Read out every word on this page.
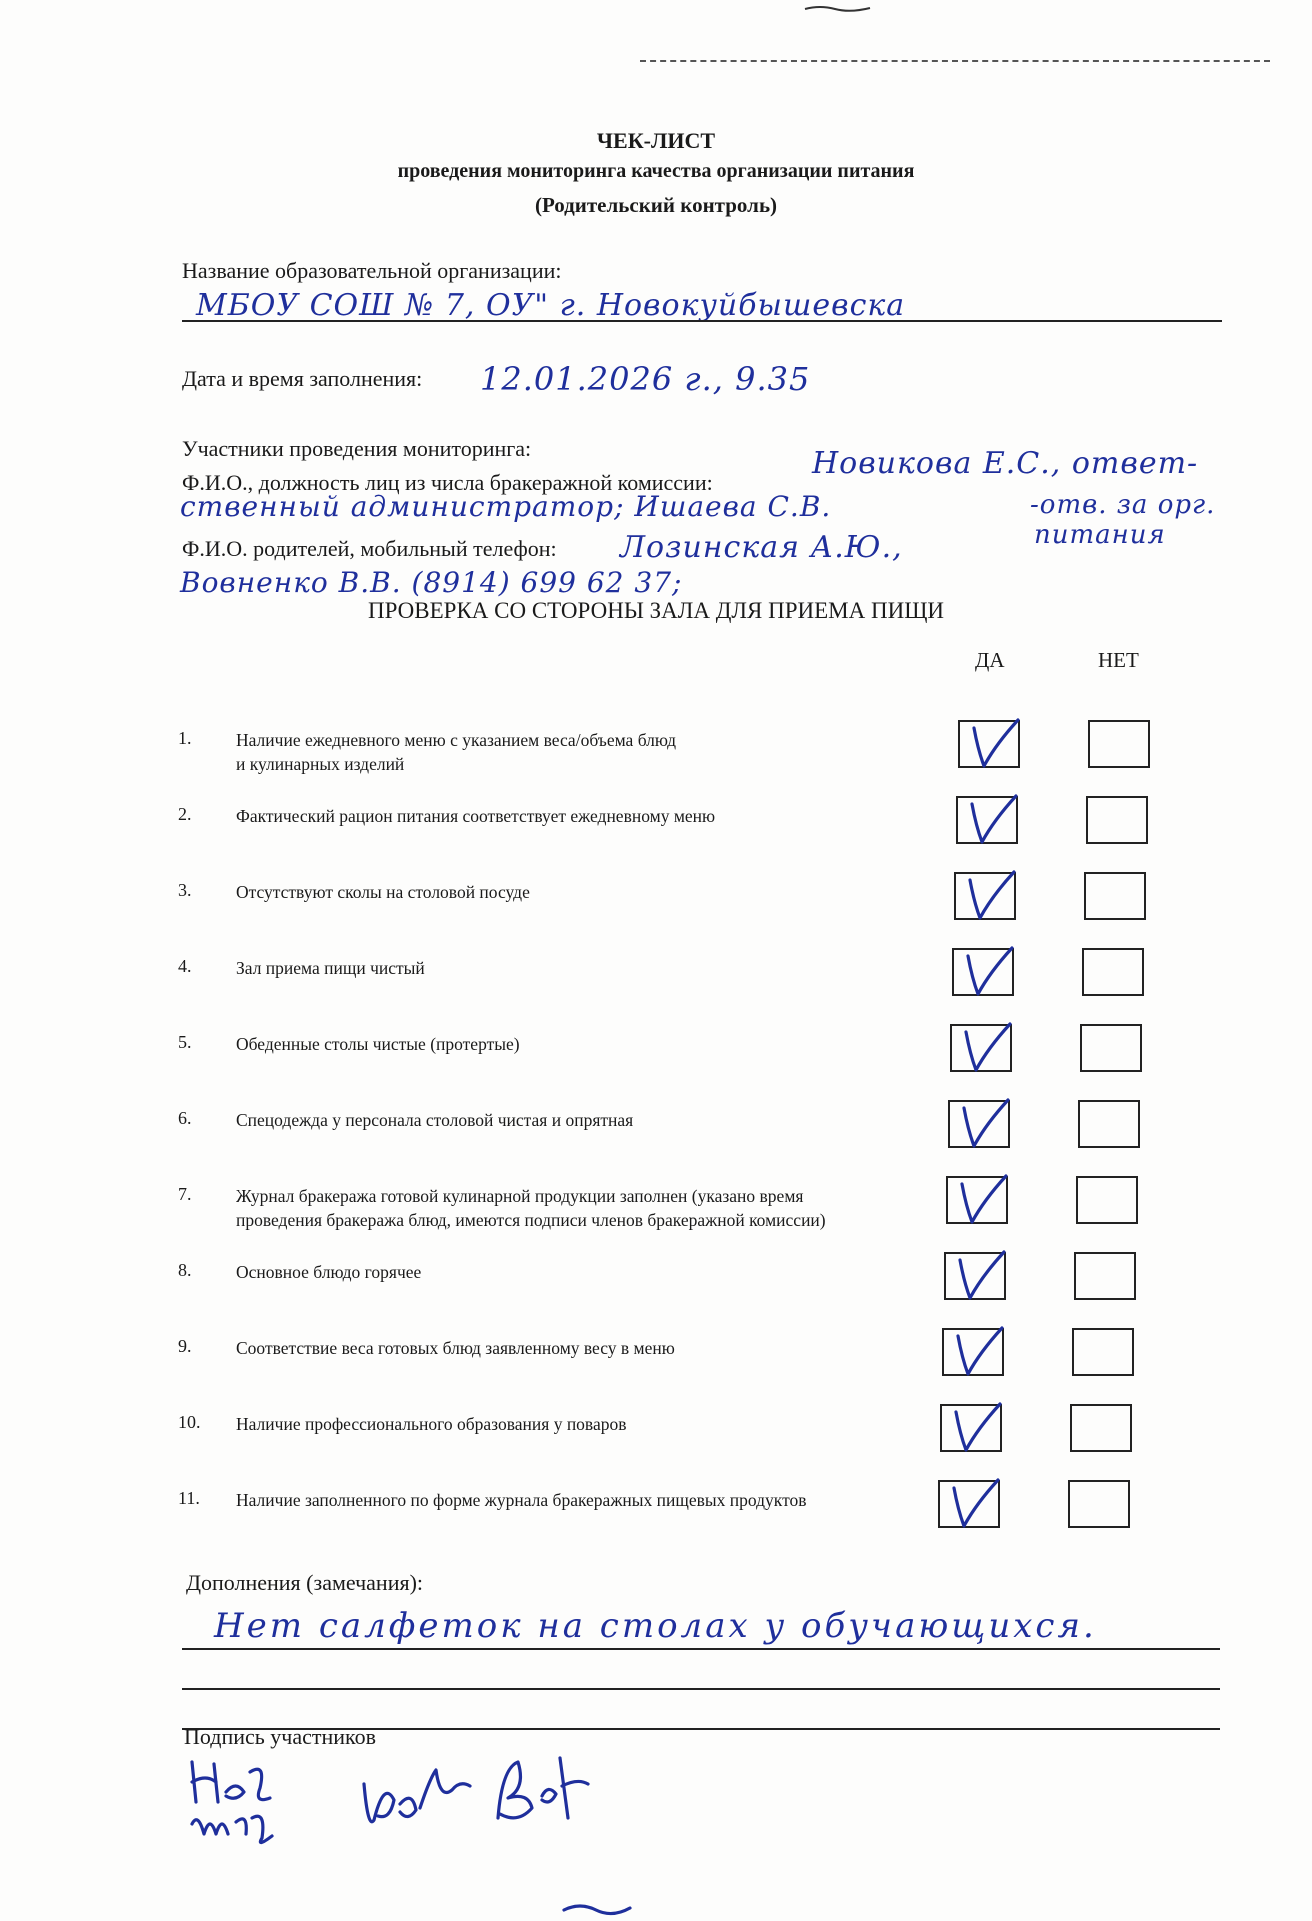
ЧЕК-ЛИСТ
проведения мониторинга качества организации питания
(Родительский контроль)
Название образовательной организации:
МБОУ СОШ № 7, ОУ" г. Новокуйбышевска
Дата и время заполнения: 12.01.2026 г., 9.35
Участники проведения мониторинга:
Ф.И.О., должность лиц из числа бракеражной комиссии:
Новикова Е.С., ответ-
ственный администратор; Ишаева С.В.	-отв. за орг.
питания
Ф.И.О. родителей, мобильный телефон: Лозинская А.Ю.,
Вовненко В.В. (8914) 699 62 37;
ПРОВЕРКА СО СТОРОНЫ ЗАЛА ДЛЯ ПРИЕМА ПИЩИ
ДА	НЕТ
1.	Наличие ежедневного меню с указанием веса/объема блюд
и кулинарных изделий
2.	Фактический рацион питания соответствует ежедневному меню
3.	Отсутствуют сколы на столовой посуде
4.	Зал приема пищи чистый
5.	Обеденные столы чистые (протертые)
6.	Спецодежда у персонала столовой чистая и опрятная
7.	Журнал бракеража готовой кулинарной продукции заполнен (указано время
проведения бракеража блюд, имеются подписи членов бракеражной комиссии)
8.	Основное блюдо горячее
9.	Соответствие веса готовых блюд заявленному весу в меню
10. Наличие профессионального образования у поваров
11. Наличие заполненного по форме журнала бракеражных пищевых продуктов
Дополнения (замечания):
Нет салфеток на столах у обучающихся.
Подпись участников
